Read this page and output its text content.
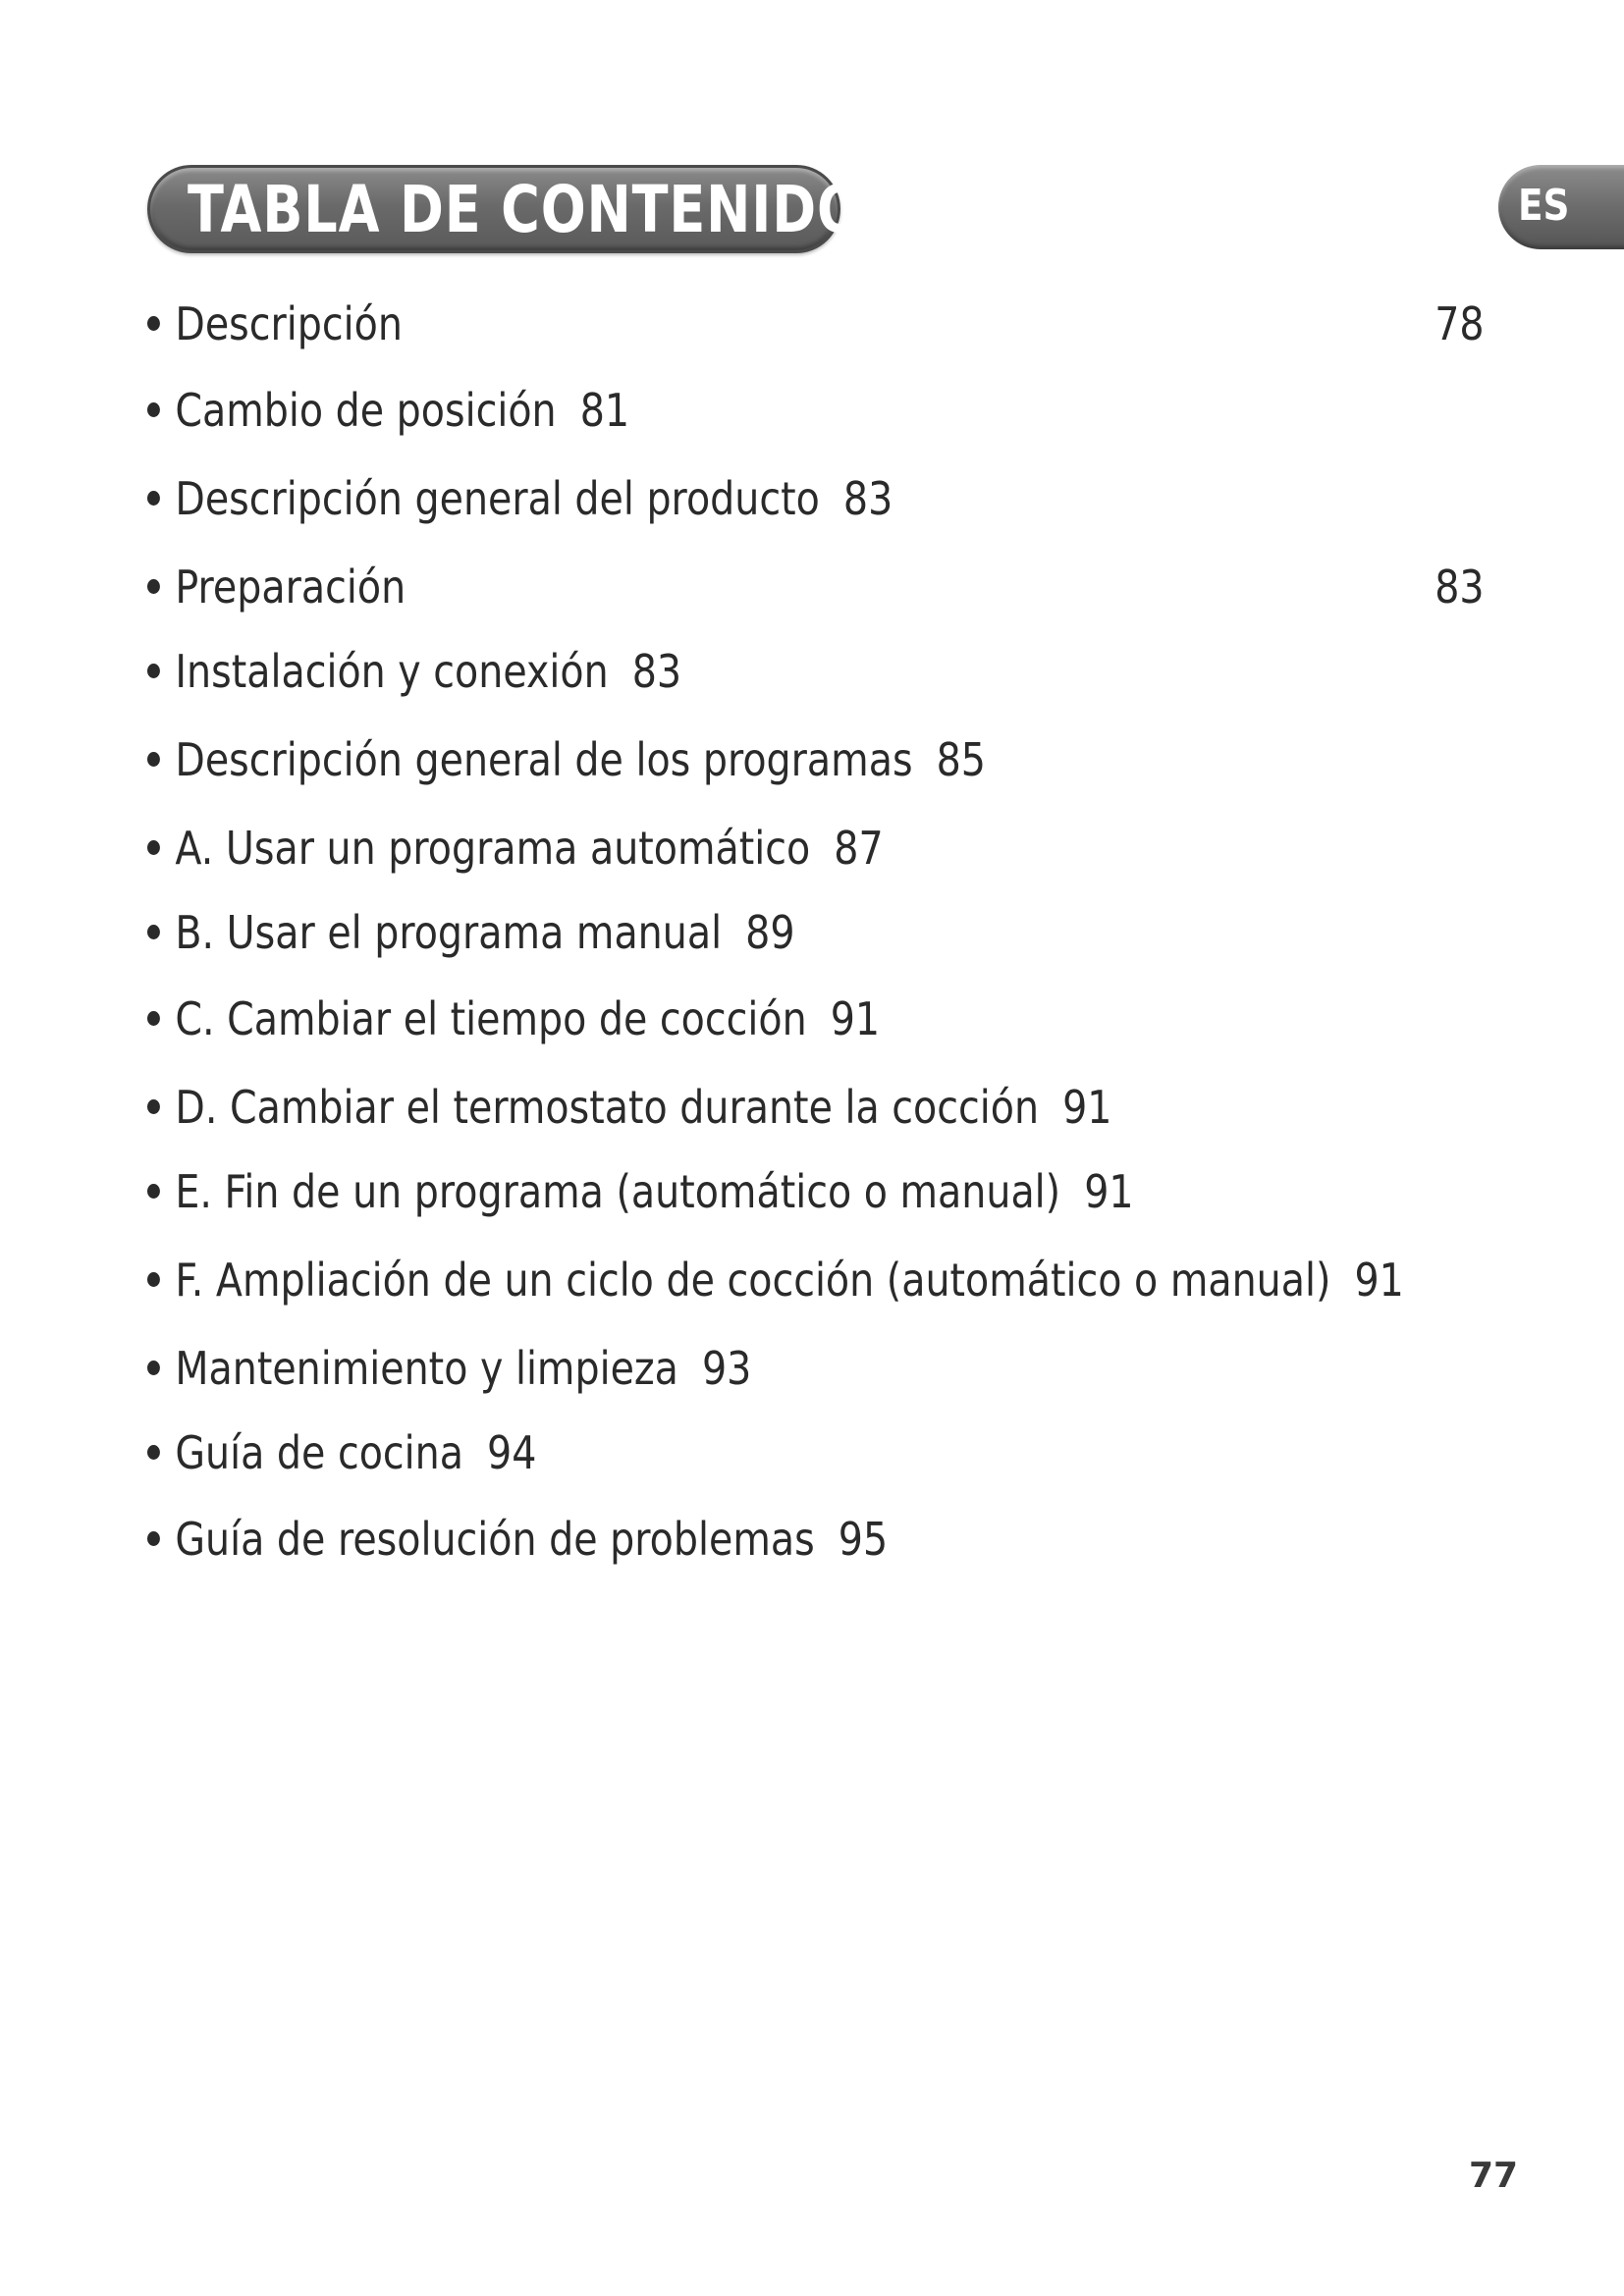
TABLA DE CONTENIDOS	ES
Descripción	78
Cambio de posición 81
Descripción general del producto 83
Preparación	83
Instalación y conexión 83
Descripción general de los programas 85
A. Usar un programa automático 87
B. Usar el programa manual 89
C. Cambiar el tiempo de cocción 91
D. Cambiar el termostato durante la cocción 91
E. Fin de un programa (automático o manual) 91
F. Ampliación de un ciclo de cocción (automático o manual) 91
Mantenimiento y limpieza 93
Guía de cocina 94
Guía de resolución de problemas 95
77
